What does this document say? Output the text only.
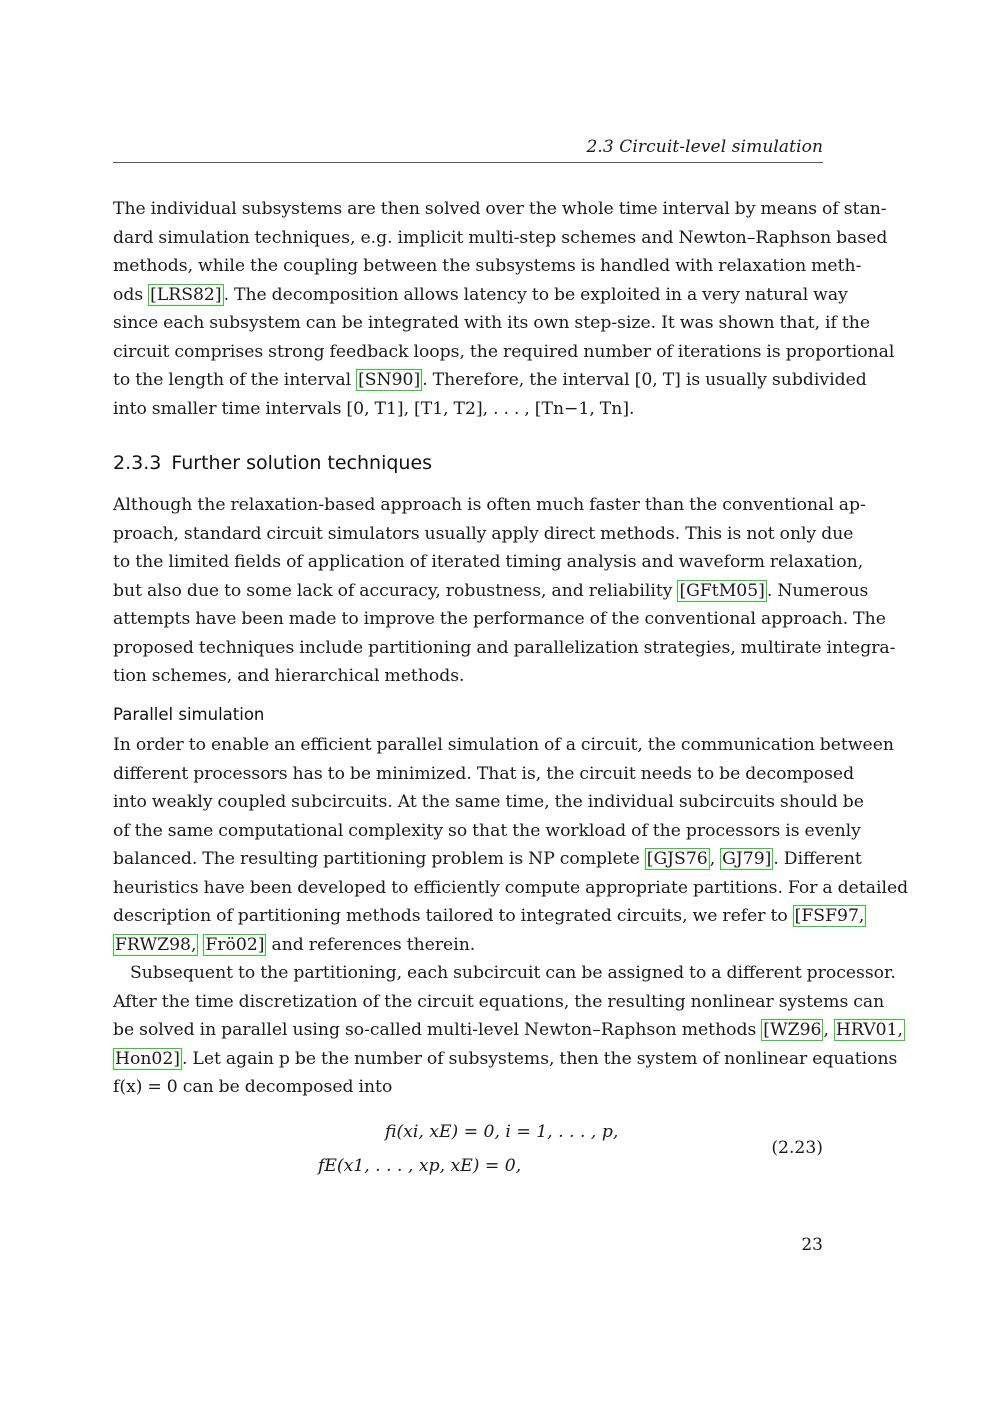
2.3 Circuit-level simulation
The individual subsystems are then solved over the whole time interval by means of stan-
dard simulation techniques, e.g. implicit multi-step schemes and Newton–Raphson based
methods, while the coupling between the subsystems is handled with relaxation meth-
ods [LRS82] . The decomposition allows latency to be exploited in a very natural way
since each subsystem can be integrated with its own step-size. It was shown that, if the
circuit comprises strong feedback loops, the required number of iterations is proportional
to the length of the interval [SN90] . Therefore, the interval [0, T] is usually subdivided
into smaller time intervals [0, T1], [T1, T2], . . . , [Tn−1, Tn].
2.3.3 Further solution techniques
Although the relaxation-based approach is often much faster than the conventional ap-
proach, standard circuit simulators usually apply direct methods. This is not only due
to the limited fields of application of iterated timing analysis and waveform relaxation,
but also due to some lack of accuracy, robustness, and reliability [GFtM05] . Numerous
attempts have been made to improve the performance of the conventional approach. The
proposed techniques include partitioning and parallelization strategies, multirate integra-
tion schemes, and hierarchical methods.
Parallel simulation
In order to enable an efficient parallel simulation of a circuit, the communication between
different processors has to be minimized. That is, the circuit needs to be decomposed
into weakly coupled subcircuits. At the same time, the individual subcircuits should be
of the same computational complexity so that the workload of the processors is evenly
balanced. The resulting partitioning problem is NP complete [GJS76 , GJ79] . Different
heuristics have been developed to efficiently compute appropriate partitions. For a detailed
description of partitioning methods tailored to integrated circuits, we refer to [FSF97,
FRWZ98, Frö02] and references therein.
Subsequent to the partitioning, each subcircuit can be assigned to a different processor.
After the time discretization of the circuit equations, the resulting nonlinear systems can
be solved in parallel using so-called multi-level Newton–Raphson methods [WZ96 , HRV01,
Hon02] . Let again p be the number of subsystems, then the system of nonlinear equations
f(x) = 0 can be decomposed into
fi(xi, xE) = 0, i = 1, . . . , p,
fE(x1, . . . , xp, xE) = 0,
(2.23)
23
